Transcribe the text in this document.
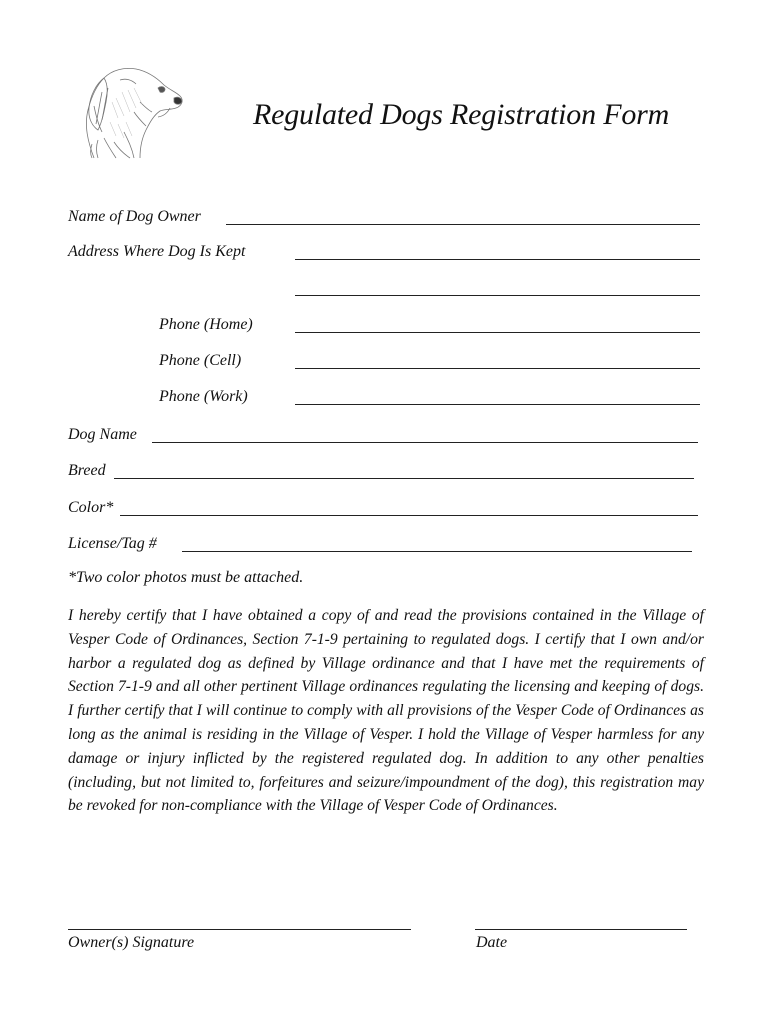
Regulated Dogs Registration Form
Name of Dog Owner
Address Where Dog Is Kept
Phone (Home)
Phone (Cell)
Phone (Work)
Dog Name
Breed
Color*
License/Tag #
*Two color photos must be attached.
I hereby certify that I have obtained a copy of and read the provisions contained in the Village of Vesper Code of Ordinances, Section 7-1-9 pertaining to regulated dogs. I certify that I own and/or harbor a regulated dog as defined by Village ordinance and that I have met the requirements of Section 7-1-9 and all other pertinent Village ordinances regulating the licensing and keeping of dogs. I further certify that I will continue to comply with all provisions of the Vesper Code of Ordinances as long as the animal is residing in the Village of Vesper. I hold the Village of Vesper harmless for any damage or injury inflicted by the registered regulated dog. In addition to any other penalties (including, but not limited to, forfeitures and seizure/impoundment of the dog), this registration may be revoked for non-compliance with the Village of Vesper Code of Ordinances.
Owner(s) Signature	Date
